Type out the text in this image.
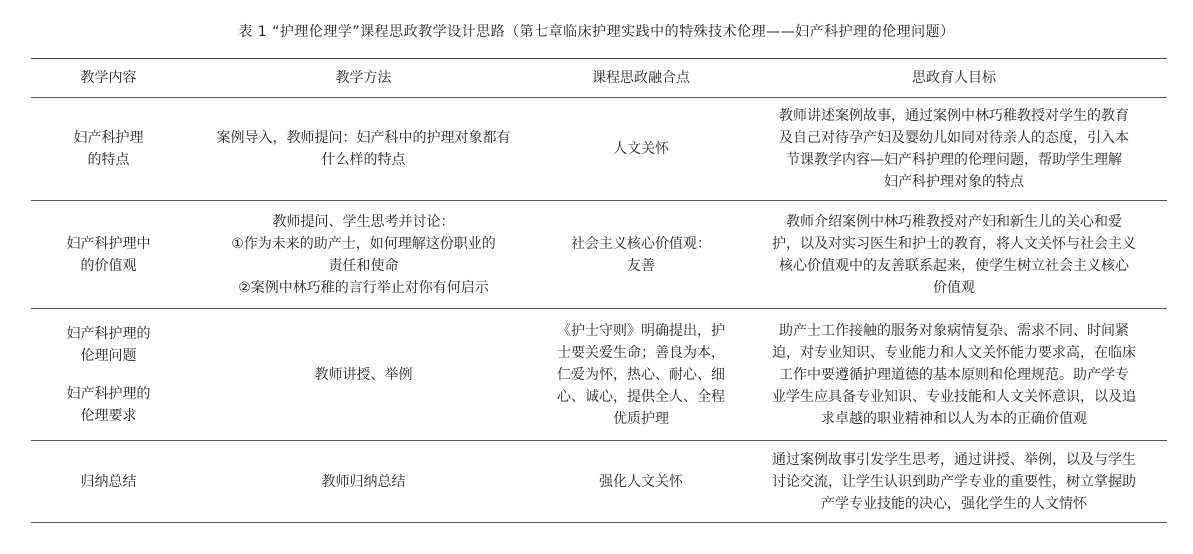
表 1 “护理伦理学”课程思政教学设计思路（第七章临床护理实践中的特殊技术伦理——妇产科护理的伦理问题）
教学内容	教学方法	课程思政融合点	思政育人目标

妇产科护理
的特点	案例导入，教师提问：妇产科中的护理对象都有
什么样的特点	人文关怀	教师讲述案例故事，通过案例中林巧稚教授对学生的教育
及自己对待孕产妇及婴幼儿如同对待亲人的态度，引入本
节课教学内容—妇产科护理的伦理问题，帮助学生理解
妇产科护理对象的特点

妇产科护理中
的价值观	教师提问、学生思考并讨论：
①作为未来的助产士，如何理解这份职业的
责任和使命
②案例中林巧稚的言行举止对你有何启示	社会主义核心价值观：
友善	教师介绍案例中林巧稚教授对产妇和新生儿的关心和爱
护，以及对实习医生和护士的教育，将人文关怀与社会主义
核心价值观中的友善联系起来，使学生树立社会主义核心
价值观

妇产科护理的
伦理问题
妇产科护理的
伦理要求	教师讲授、举例	《护士守则》明确提出，护
士要关爱生命；善良为本，
仁爱为怀，热心、耐心、细
心、诚心，提供全人、全程
优质护理	助产士工作接触的服务对象病情复杂、需求不同、时间紧
迫，对专业知识、专业能力和人文关怀能力要求高，在临床
工作中要遵循护理道德的基本原则和伦理规范。助产学专
业学生应具备专业知识、专业技能和人文关怀意识，以及追
求卓越的职业精神和以人为本的正确价值观

归纳总结	教师归纳总结	强化人文关怀	通过案例故事引发学生思考，通过讲授、举例，以及与学生
讨论交流，让学生认识到助产学专业的重要性，树立掌握助
产学专业技能的决心，强化学生的人文情怀
